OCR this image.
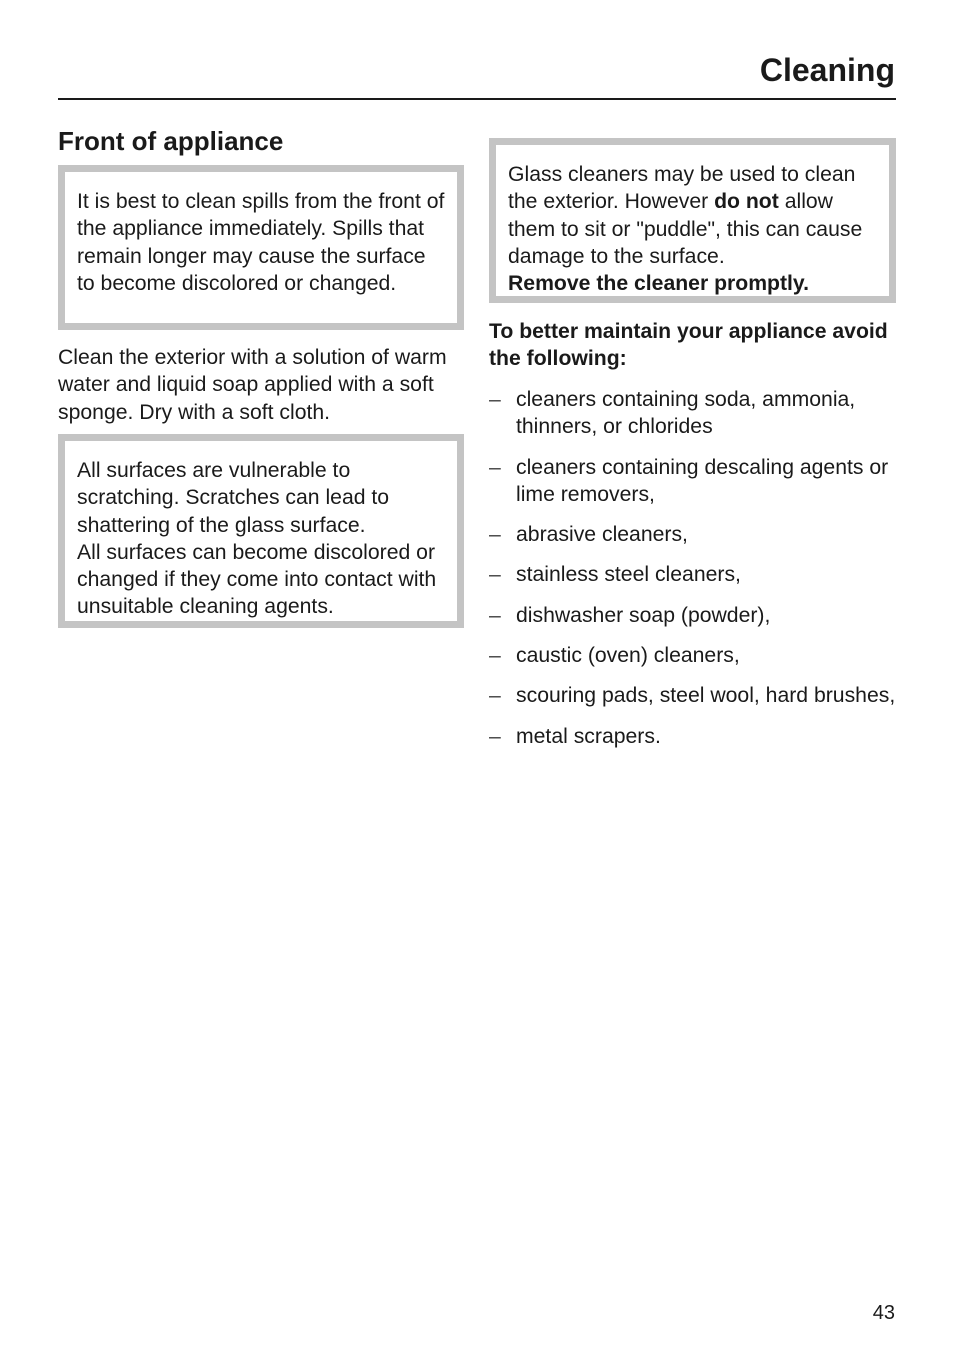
Cleaning
Front of appliance

It is best to clean spills from the front of the appliance immediately. Spills that remain longer may cause the surface to become discolored or changed.

Clean the exterior with a solution of warm water and liquid soap applied with a soft sponge. Dry with a soft cloth.

All surfaces are vulnerable to scratching. Scratches can lead to shattering of the glass surface.

All surfaces can become discolored or changed if they come into contact with unsuitable cleaning agents.

Glass cleaners may be used to clean the exterior. However do not allow them to sit or "puddle", this can cause damage to the surface.

Remove the cleaner promptly.

To better maintain your appliance avoid the following:

– cleaners containing soda, ammonia, thinners, or chlorides
– cleaners containing descaling agents or lime removers,
– abrasive cleaners,
– stainless steel cleaners,
– dishwasher soap (powder),
– caustic (oven) cleaners,
– scouring pads, steel wool, hard brushes,
– metal scrapers.
43
